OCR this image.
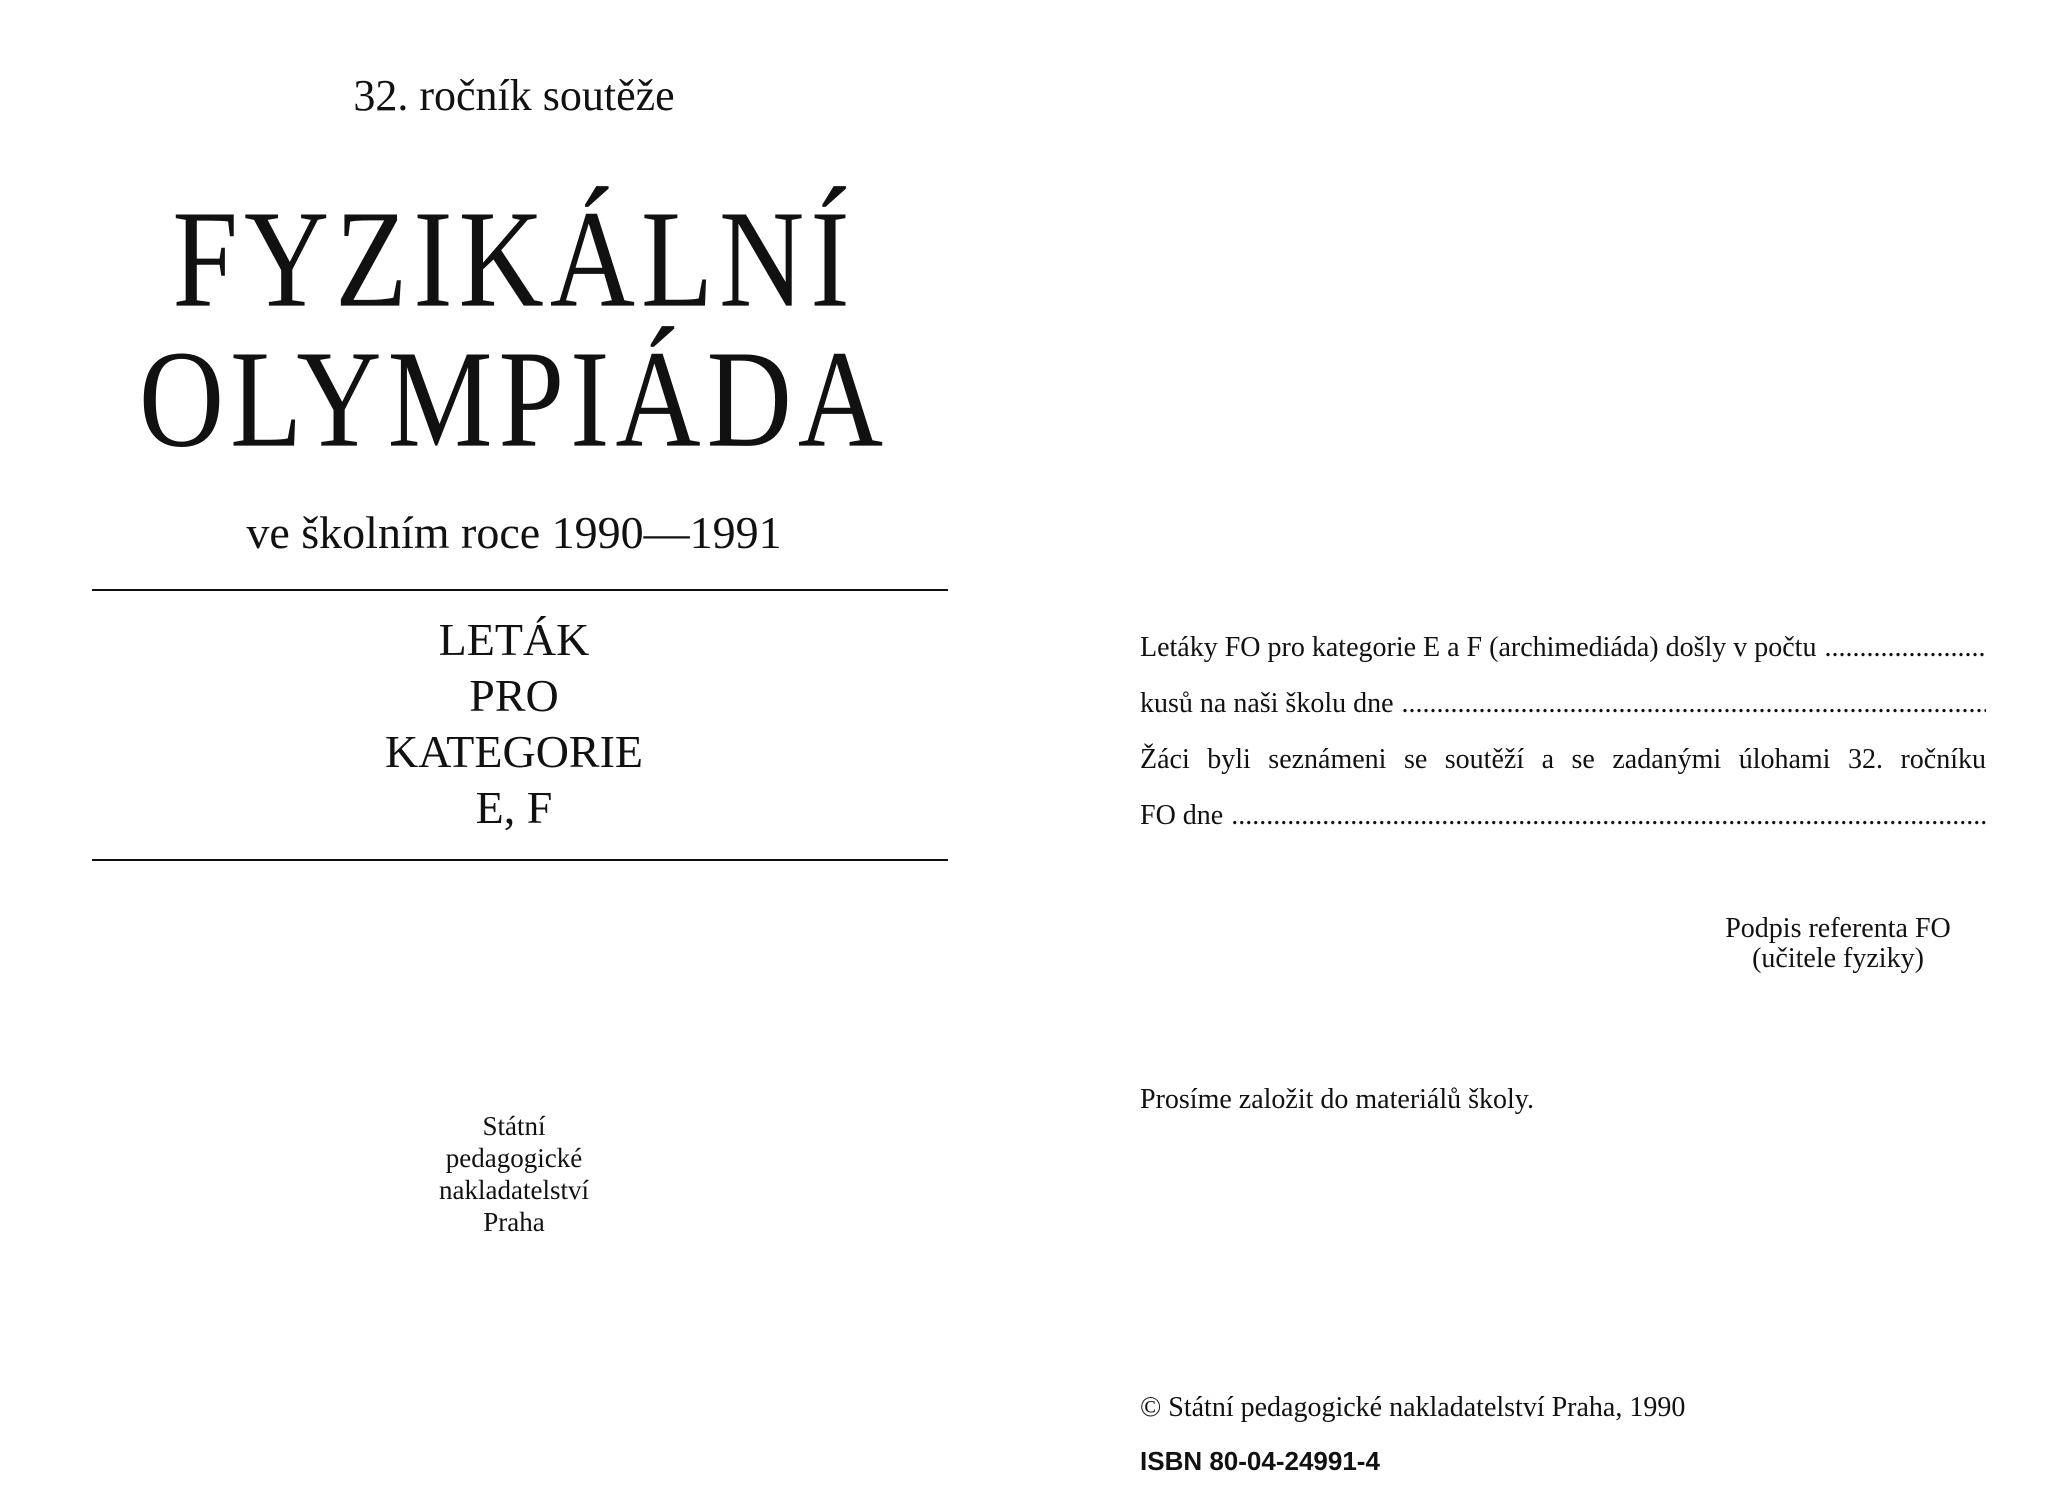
32. ročník soutěže
FYZIKÁLNÍ
OLYMPIÁDA
ve školním roce 1990—1991
LETÁK
PRO
KATEGORIE
E, F
Státní
pedagogické
nakladatelství
Praha
Letáky FO pro kategorie E a F (archimediáda) došly v počtu
.....
kusů na naši školu dne
.....
Žáci byli seznámeni se soutěží a se zadanými úlohami 32. ročníku
FO dne
.....
Podpis referenta FO
(učitele fyziky)
Prosíme založit do materiálů školy.
© Státní pedagogické nakladatelství Praha, 1990
ISBN 80-04-24991-4
